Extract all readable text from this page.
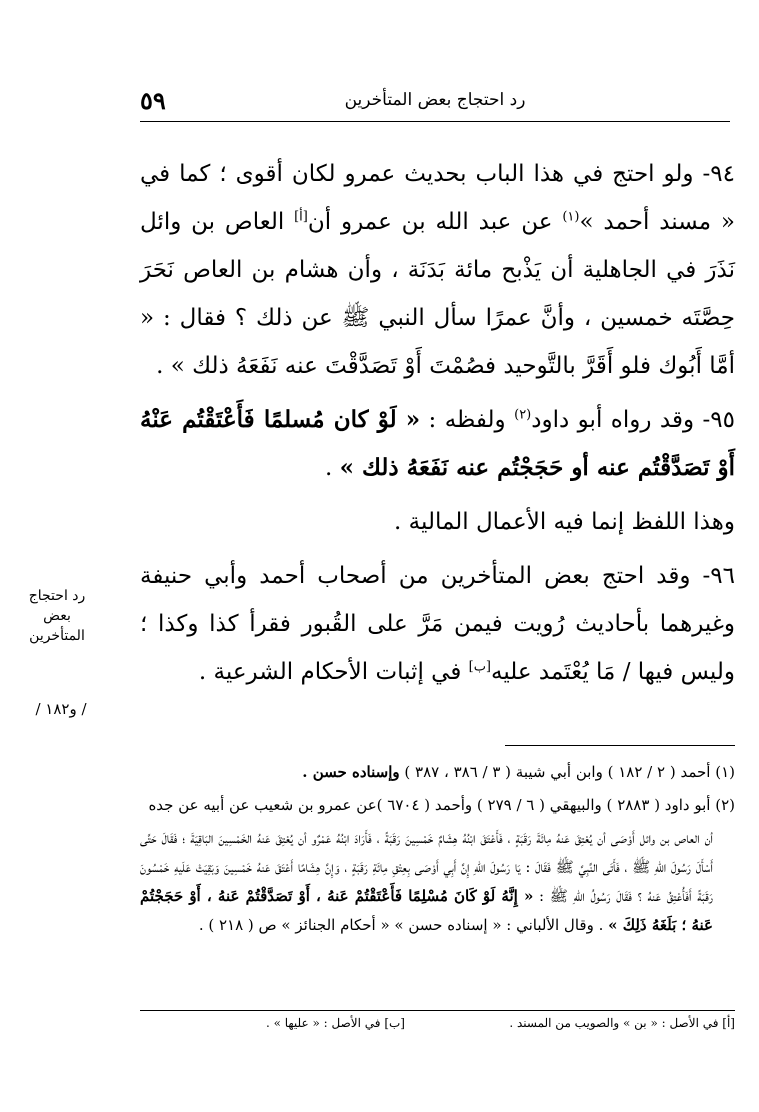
٥٩	رد احتجاج بعض المتأخرين

٩٤- ولو احتج في هذا الباب بحديث عمرو لكان أقوى ؛ كما في « مسند أحمد »$^{(١)}$ عن عبد الله بن عمرو أن[أ] العاص بن وائل نَذَرَ في الجاهلية أن يَذْبح مائة بَدَنَة ، وأن هشام بن العاص نَحَرَ حِصَّتَه خمسين ، وأنَّ عمرًا سأل النبي ﷺ عن ذلك ؟ فقال : « أمَّا أَبُوك فلو أَقَرَّ بالتَّوحيد فصُمْتَ أَوْ تَصَدَّقْتَ عنه نَفَعَهُ ذلك » .

٩٥- وقد رواه أبو داود$^{(٢)}$ ولفظه : « لَوْ كان مُسلمًا فَأَعْتَقْتُم عَنْهُ أَوْ تَصَدَّقْتُم عنه أو حَجَجْتُم عنه نَفَعَهُ ذلك » .

وهذا اللفظ إنما فيه الأعمال المالية .

٩٦- وقد احتج بعض المتأخرين من أصحاب أحمد وأبي حنيفة وغيرهما بأحاديث رُويت فيمن مَرَّ على القُبور فقرأ كذا وكذا ؛ وليس فيها / مَا يُعْتَمد عليه[ب] في إثبات الأحكام الشرعية .

رد احتجاج بعض المتأخرين
/ و١٨٢ /

(١) أحمد ( ٢ / ١٨٢ ) وابن أبي شيبة ( ٣ / ٣٨٦ ، ٣٨٧ ) وإسناده حسن .

(٢) أبو داود ( ٢٨٨٣ ) والبيهقي ( ٦ / ٢٧٩ ) وأحمد ( ٦٧٠٤ )عن عمرو بن شعيب عن أبيه عن جده

أن العاص بن وائل أَوْصَى أن يُعْتِقَ عَنهُ مِائَةَ رَقَبَةٍ ، فَأَعْتَقَ ابْنُهُ هِشَامٌ خَمْسِينَ رَقَبَةً ، فَأَرَادَ ابْنُهُ عَمْرٌو أن يُعْتِقَ عَنهُ الخَمْسِينَ البَاقِيَةَ ؛ فَقَالَ حَتَّى أَسْأَلَ رَسُولَ اللهِ ﷺ ، فَأَتَى النَّبِيَّ ﷺ فَقَالَ : يَا رَسُولَ اللهِ إِنَّ أَبِي أَوْصَى بِعِتْقِ مِائَةِ رَقَبَةٍ ، وَإِنَّ هِشَامًا أَعْتَقَ عَنهُ خَمْسِينَ وَبَقِيَتْ عَلَيهِ خَمْسُونَ رَقَبَةً أَفَأُعْتِقُ عَنهُ ؟ فَقَالَ رَسُولُ اللهِ ﷺ : « إِنَّهُ لَوْ كَانَ مُسْلِمًا فَأَعْتَقْتُمْ عَنهُ ، أَوْ تَصَدَّقْتُمْ عَنهُ ، أَوْ حَجَجْتُمْ عَنهُ ؛ بَلَغَهُ ذَلِكَ » . وقال الألباني : « إسناده حسن » « أحكام الجنائز » ص ( ٢١٨ ) .

[أ] في الأصل : « بن » والصويب من المسند .
[ب] في الأصل : « عليها » .
